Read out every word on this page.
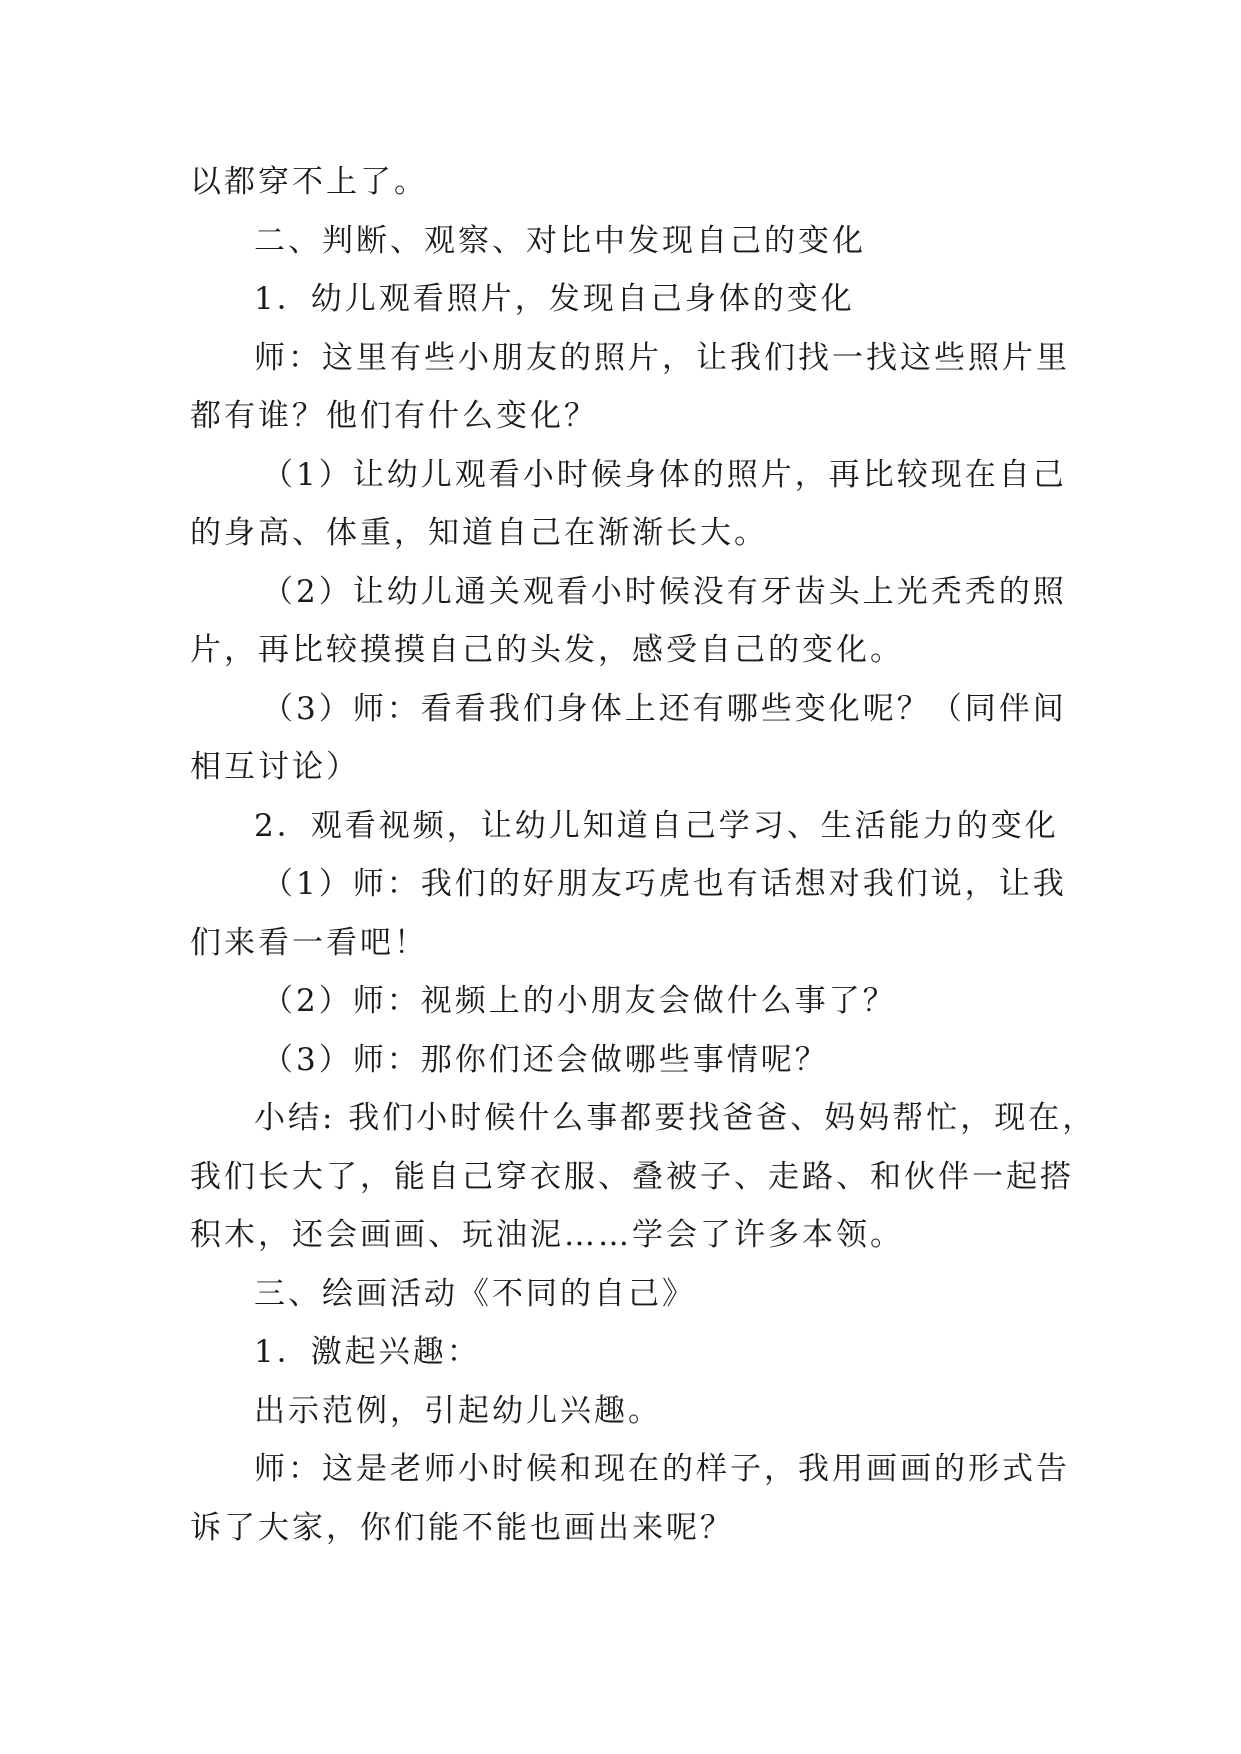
以都穿不上了。
二、判断、观察、对比中发现自己的变化
1．幼儿观看照片，发现自己身体的变化
师：这里有些小朋友的照片，让我们找一找这些照片里
都有谁？他们有什么变化？
（1）让幼儿观看小时候身体的照片，再比较现在自己
的身高、体重，知道自己在渐渐长大。
（2）让幼儿通关观看小时候没有牙齿头上光秃秃的照
片，再比较摸摸自己的头发，感受自己的变化。
（3）师：看看我们身体上还有哪些变化呢？（同伴间
相互讨论）
2．观看视频，让幼儿知道自己学习、生活能力的变化
（1）师：我们的好朋友巧虎也有话想对我们说，让我
们来看一看吧！
（2）师：视频上的小朋友会做什么事了？
（3）师：那你们还会做哪些事情呢？
小结: 我们小时候什么事都要找爸爸、妈妈帮忙，现在，
我们长大了，能自己穿衣服、叠被子、走路、和伙伴一起搭
积木，还会画画、玩油泥……学会了许多本领。
三、绘画活动《不同的自己》
1．激起兴趣：
出示范例，引起幼儿兴趣。
师：这是老师小时候和现在的样子，我用画画的形式告
诉了大家，你们能不能也画出来呢？
